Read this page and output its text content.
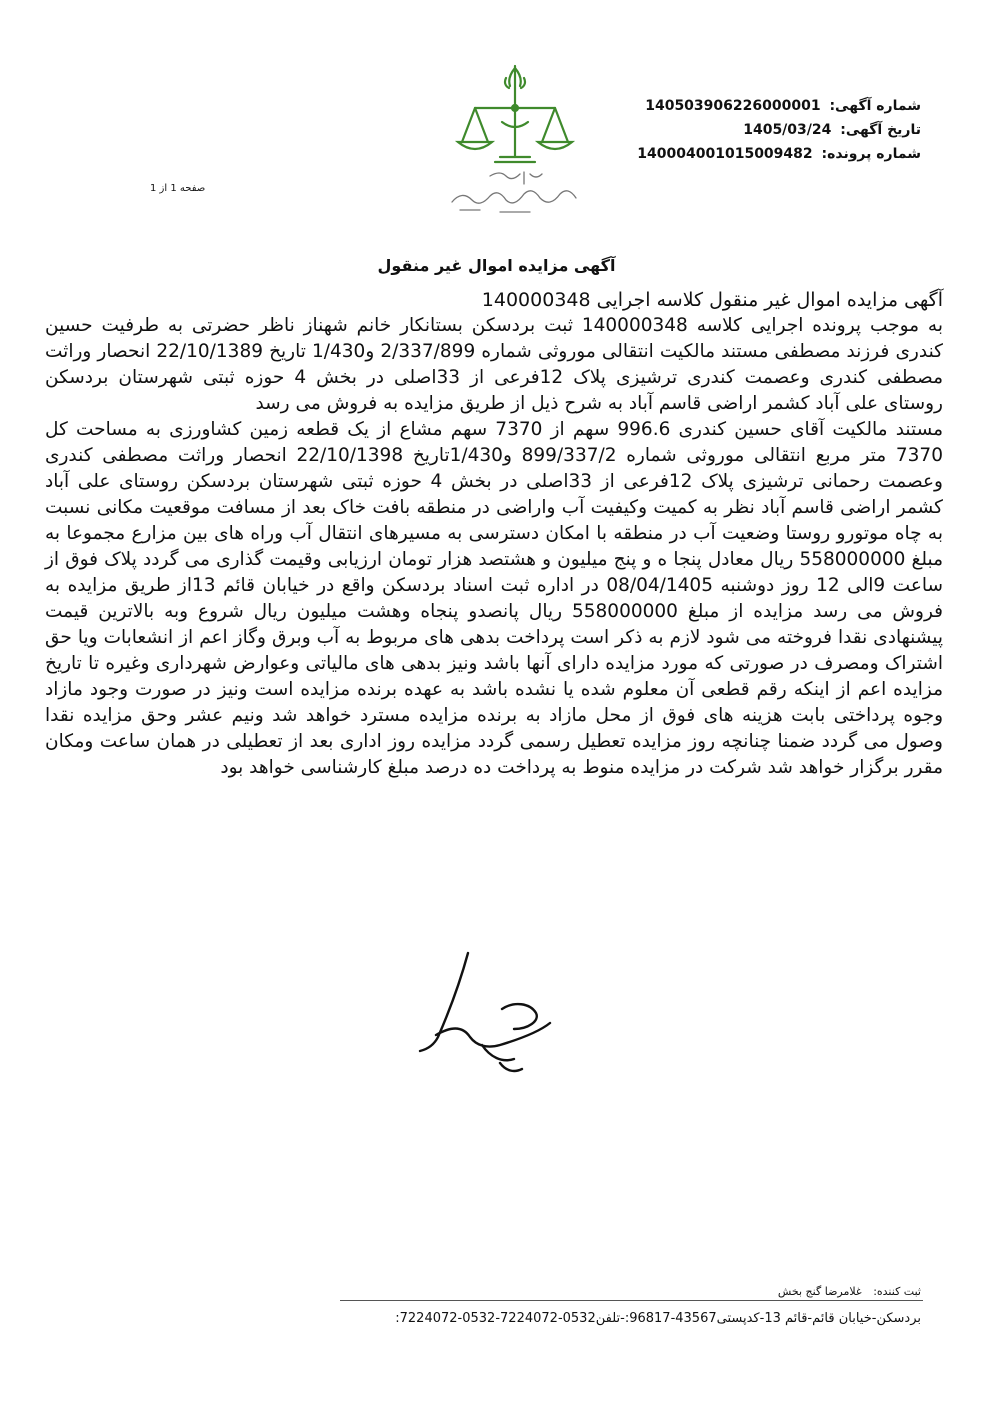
شماره آگهی: 140503906226000001
تاریخ آگهی: 1405/03/24
شماره پرونده: 140004001015009482
صفحه 1 از 1
آگهی مزایده اموال غیر منقول
آگهی مزایده اموال غیر منقول کلاسه اجرایی 140000348

به موجب پرونده اجرایی کلاسه 140000348 ثبت بردسکن بستانکار خانم شهناز ناظر حضرتی به طرفیت حسین کندری فرزند مصطفی مستند مالکیت انتقالی موروثی شماره 2/337/899 و1/430 تاریخ 22/10/1389 انحصار وراثت مصطفی کندری وعصمت کندری ترشیزی پلاک 12فرعی از 33اصلی در بخش 4 حوزه ثبتی شهرستان بردسکن روستای علی آباد کشمر اراضی قاسم آباد به شرح ذیل از طریق مزایده به فروش می رسد

مستند مالکیت آقای حسین کندری 996.6 سهم از 7370 سهم مشاع از یک قطعه زمین کشاورزی به مساحت کل 7370 متر مربع انتقالی موروثی شماره 899/337/2 و1/430تاریخ 22/10/1398 انحصار وراثت مصطفی کندری وعصمت رحمانی ترشیزی پلاک 12فرعی از 33اصلی در بخش 4 حوزه ثبتی شهرستان بردسکن روستای علی آباد کشمر اراضی قاسم آباد نظر به کمیت وکیفیت آب واراضی در منطقه بافت خاک بعد از مسافت موقعیت مکانی نسبت به چاه موتورو روستا وضعیت آب در منطقه با امکان دسترسی به مسیرهای انتقال آب وراه های بین مزارع مجموعا به مبلغ 558000000 ریال معادل پنجا ه و پنج میلیون و هشتصد هزار تومان ارزیابی وقیمت گذاری می گردد پلاک فوق از ساعت 9الی 12 روز دوشنبه 08/04/1405 در اداره ثبت اسناد بردسکن واقع در خیابان قائم 13از طریق مزایده به فروش می رسد مزایده از مبلغ 558000000 ریال پانصدو پنجاه وهشت میلیون ریال شروع وبه بالاترین قیمت پیشنهادی نقدا فروخته می شود لازم به ذکر است پرداخت بدهی های مربوط به آب وبرق وگاز اعم از انشعابات ویا حق اشتراک ومصرف در صورتی که مورد مزایده دارای آنها باشد ونیز بدهی های مالیاتی وعوارض شهرداری وغیره تا تاریخ مزایده اعم از اینکه رقم قطعی آن معلوم شده یا نشده باشد به عهده برنده مزایده است ونیز در صورت وجود مازاد وجوه پرداختی بابت هزینه های فوق از محل مازاد به برنده مزایده مسترد خواهد شد ونیم عشر وحق مزایده نقدا وصول می گردد ضمنا چنانچه روز مزایده تعطیل رسمی گردد مزایده روز اداری بعد از تعطیلی در همان ساعت ومکان مقرر برگزار خواهد شد شرکت در مزایده منوط به پرداخت ده درصد مبلغ کارشناسی خواهد بود

ثبت کننده: غلامرضا گنج بخش
بردسکن-خیابان قائم-قائم 13-کدپستی43567-96817:-تلفن0532-7224072-0532-7224072:
